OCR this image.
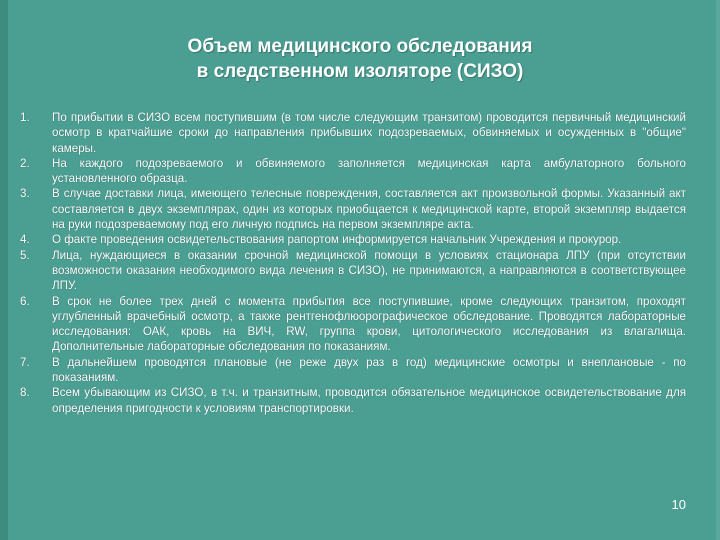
Объем медицинского обследования
в следственном изоляторе (СИЗО)
1.	По прибытии в СИЗО всем поступившим (в том числе следующим транзитом) проводится первичный медицинский осмотр в кратчайшие сроки до направления прибывших подозреваемых, обвиняемых и осужденных в "общие" камеры.
2.	На каждого подозреваемого и обвиняемого заполняется медицинская карта амбулаторного больного установленного образца.
3.	В случае доставки лица, имеющего телесные повреждения, составляется акт произвольной формы. Указанный акт составляется в двух экземплярах, один из которых приобщается к медицинской карте, второй экземпляр выдается на руки подозреваемому под его личную подпись на первом экземпляре акта.
4.	О факте проведения освидетельствования рапортом информируется начальник Учреждения и прокурор.
5.	Лица, нуждающиеся в оказании срочной медицинской помощи в условиях стационара ЛПУ (при отсутствии возможности оказания необходимого вида лечения в СИЗО), не принимаются, а направляются в соответствующее ЛПУ.
6.	В срок не более трех дней с момента прибытия все поступившие, кроме следующих транзитом, проходят углубленный врачебный осмотр, а также рентгенофлюорографическое обследование. Проводятся лабораторные исследования: ОАК, кровь на ВИЧ, RW, группа крови, цитологического исследования из влагалища. Дополнительные лабораторные обследования по показаниям.
7.	В дальнейшем проводятся плановые (не реже двух раз в год) медицинские осмотры и внеплановые - по показаниям.
8.	Всем убывающим из СИЗО, в т.ч. и транзитным, проводится обязательное медицинское освидетельствование для определения пригодности к условиям транспортировки.
10
